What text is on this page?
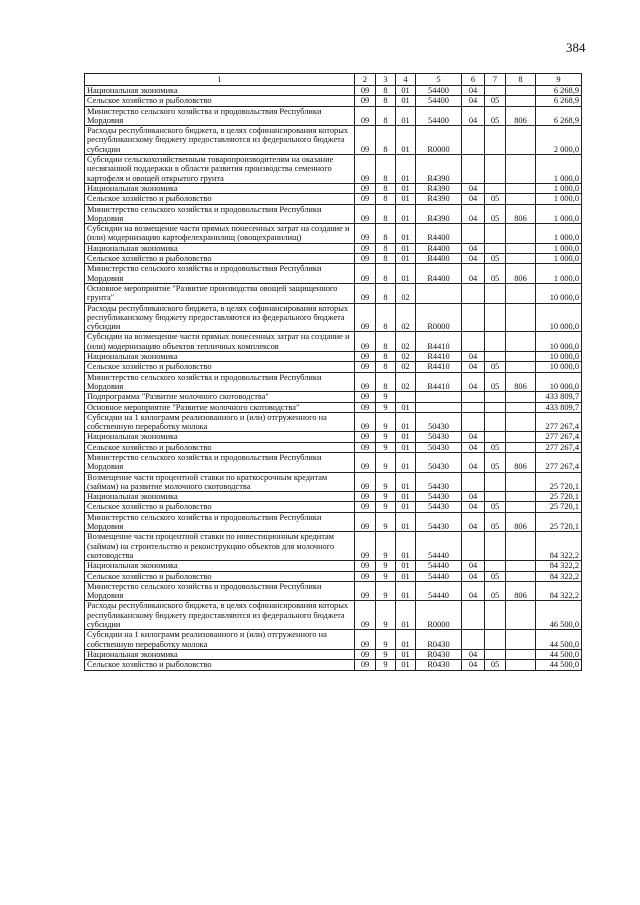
384
1	2	3	4	5	6	7	8	9
Национальная экономика	09	8	01	54400	04			6 268,9
Сельское хозяйство и рыболовство	09	8	01	54400	04	05		6 268,9
Министерство сельского хозяйства и продовольствия Республики Мордовия	09	8	01	54400	04	05	806	6 268,9
Расходы республиканского бюджета, в целях софинансирования которых республиканскому бюджету предоставляются из федерального бюджета субсидии	09	8	01	R0000				2 000,0
Субсидии сельскохозяйственным товаропроизводителям на оказание несвязанной поддержки в области развития производства семенного картофеля и овощей открытого грунта	09	8	01	R4390				1 000,0
Национальная экономика	09	8	01	R4390	04			1 000,0
Сельское хозяйство и рыболовство	09	8	01	R4390	04	05		1 000,0
Министерство сельского хозяйства и продовольствия Республики Мордовия	09	8	01	R4390	04	05	806	1 000,0
Субсидии на возмещение части прямых понесенных затрат на создание и (или) модернизацию картофелехранилищ (овощехранилищ)	09	8	01	R4400				1 000,0
Национальная экономика	09	8	01	R4400	04			1 000,0
Сельское хозяйство и рыболовство	09	8	01	R4400	04	05		1 000,0
Министерство сельского хозяйства и продовольствия Республики Мордовия	09	8	01	R4400	04	05	806	1 000,0
Основное мероприятие "Развитие производства овощей защищенного грунта"	09	8	02					10 000,0
Расходы республиканского бюджета, в целях софинансирования которых республиканскому бюджету предоставляются из федерального бюджета субсидии	09	8	02	R0000				10 000,0
Субсидии на возмещение части прямых понесенных затрат на создание и (или) модернизацию объектов тепличных комплексов	09	8	02	R4410				10 000,0
Национальная экономика	09	8	02	R4410	04			10 000,0
Сельское хозяйство и рыболовство	09	8	02	R4410	04	05		10 000,0
Министерство сельского хозяйства и продовольствия Республики Мордовия	09	8	02	R4410	04	05	806	10 000,0
Подпрограмма "Развитие молочного скотоводства"	09	9						433 809,7
Основное мероприятие "Развитие молочного скотоводства"	09	9	01					433 809,7
Субсидии на 1 килограмм реализованного и (или) отгруженного на собственную переработку молока	09	9	01	50430				277 267,4
Национальная экономика	09	9	01	50430	04			277 267,4
Сельское хозяйство и рыболовство	09	9	01	50430	04	05		277 267,4
Министерство сельского хозяйства и продовольствия Республики Мордовия	09	9	01	50430	04	05	806	277 267,4
Возмещение части процентной ставки по краткосрочным кредитам (займам) на развитие молочного скотоводства	09	9	01	54430				25 720,1
Национальная экономика	09	9	01	54430	04			25 720,1
Сельское хозяйство и рыболовство	09	9	01	54430	04	05		25 720,1
Министерство сельского хозяйства и продовольствия Республики Мордовия	09	9	01	54430	04	05	806	25 720,1
Возмещение части процентной ставки по инвестиционным кредитам (займам) на строительство и реконструкцию объектов для молочного скотоводства	09	9	01	54440				84 322,2
Национальная экономика	09	9	01	54440	04			84 322,2
Сельское хозяйство и рыболовство	09	9	01	54440	04	05		84 322,2
Министерство сельского хозяйства и продовольствия Республики Мордовия	09	9	01	54440	04	05	806	84 322,2
Расходы республиканского бюджета, в целях софинансирования которых республиканскому бюджету предоставляются из федерального бюджета субсидии	09	9	01	R0000				46 500,0
Субсидии на 1 килограмм реализованного и (или) отгруженного на собственную переработку молока	09	9	01	R0430				44 500,0
Национальная экономика	09	9	01	R0430	04			44 500,0
Сельское хозяйство и рыболовство	09	9	01	R0430	04	05		44 500,0
